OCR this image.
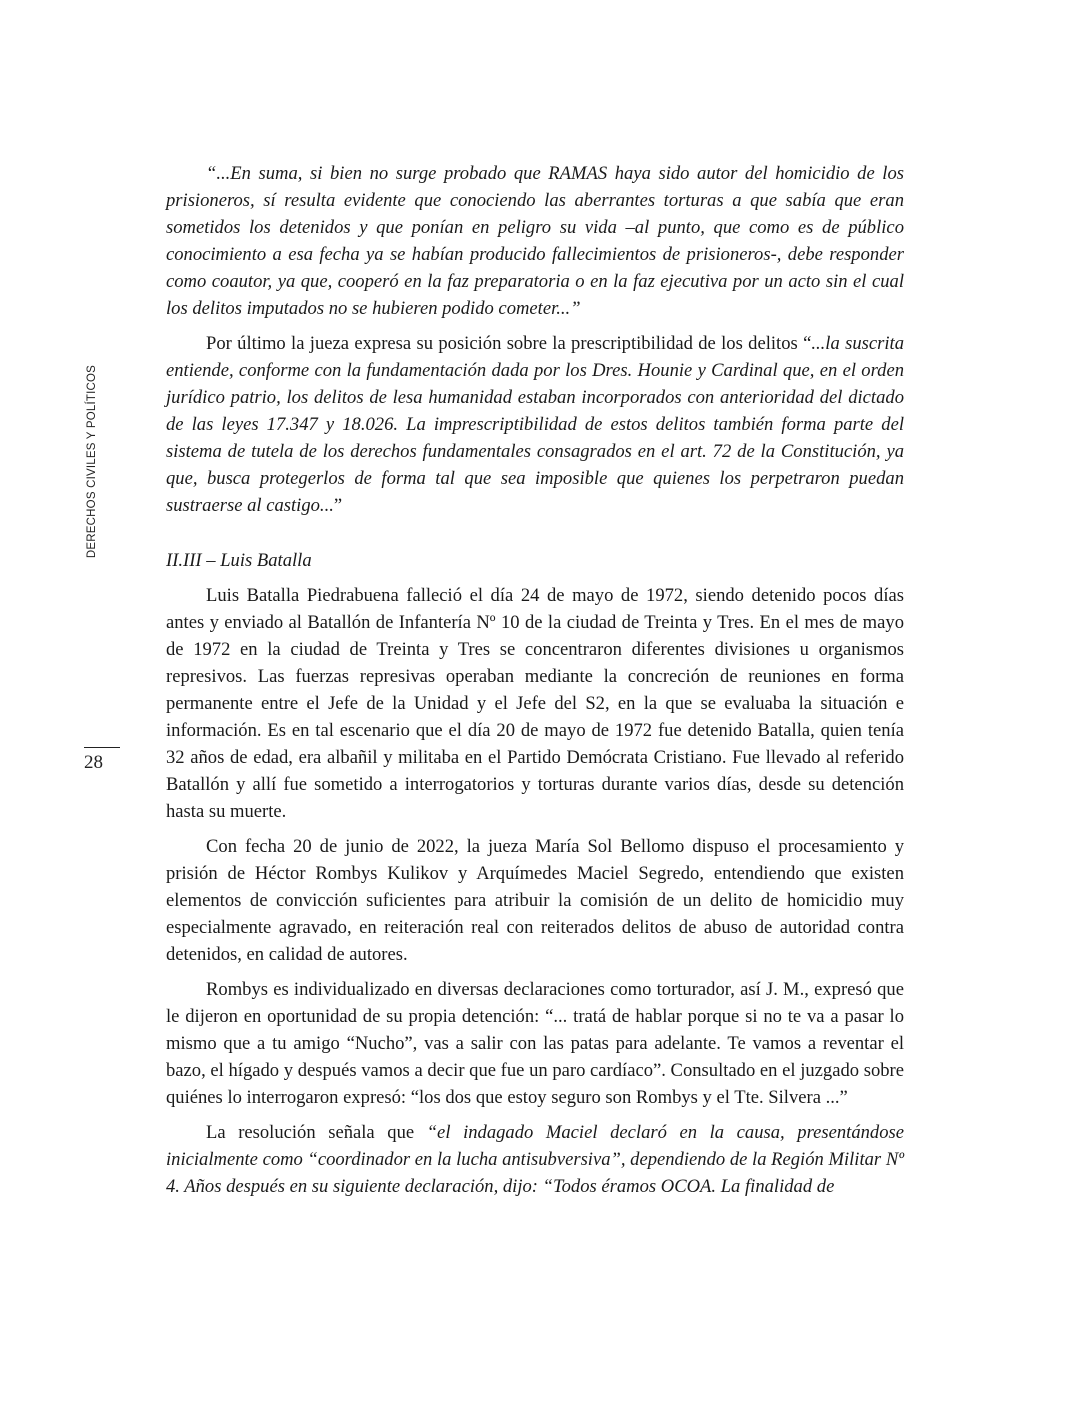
DERECHOS CIVILES Y POLÍTICOS
28

“...En suma, si bien no surge probado que RAMAS haya sido autor del homicidio de los prisioneros, sí resulta evidente que conociendo las aberrantes torturas a que sabía que eran sometidos los detenidos y que ponían en peligro su vida –al punto, que como es de público conocimiento a esa fecha ya se habían producido fallecimientos de prisioneros-, debe responder como coautor, ya que, cooperó en la faz preparatoria o en la faz ejecutiva por un acto sin el cual los delitos imputados no se hubieren podido cometer...”

Por último la jueza expresa su posición sobre la prescriptibilidad de los delitos “...la suscrita entiende, conforme con la fundamentación dada por los Dres. Hounie y Cardinal que, en el orden jurídico patrio, los delitos de lesa humanidad estaban incorporados con anterioridad del dictado de las leyes 17.347 y 18.026. La imprescriptibilidad de estos delitos también forma parte del sistema de tutela de los derechos fundamentales consagrados en el art. 72 de la Constitución, ya que, busca protegerlos de forma tal que sea imposible que quienes los perpetraron puedan sustraerse al castigo...”

II.III – Luis Batalla

Luis Batalla Piedrabuena falleció el día 24 de mayo de 1972, siendo detenido pocos días antes y enviado al Batallón de Infantería Nº 10 de la ciudad de Treinta y Tres. En el mes de mayo de 1972 en la ciudad de Treinta y Tres se concentraron diferentes divisiones u organismos represivos. Las fuerzas represivas operaban mediante la concreción de reuniones en forma permanente entre el Jefe de la Unidad y el Jefe del S2, en la que se evaluaba la situación e información. Es en tal escenario que el día 20 de mayo de 1972 fue detenido Batalla, quien tenía 32 años de edad, era albañil y militaba en el Partido Demócrata Cristiano. Fue llevado al referido Batallón y allí fue sometido a interrogatorios y torturas durante varios días, desde su detención hasta su muerte.

Con fecha 20 de junio de 2022, la jueza María Sol Bellomo dispuso el procesamiento y prisión de Héctor Rombys Kulikov y Arquímedes Maciel Segredo, entendiendo que existen elementos de convicción suficientes para atribuir la comisión de un delito de homicidio muy especialmente agravado, en reiteración real con reiterados delitos de abuso de autoridad contra detenidos, en calidad de autores.

Rombys es individualizado en diversas declaraciones como torturador, así J. M., expresó que le dijeron en oportunidad de su propia detención: “... tratá de hablar porque si no te va a pasar lo mismo que a tu amigo “Nucho”, vas a salir con las patas para adelante. Te vamos a reventar el bazo, el hígado y después vamos a decir que fue un paro cardíaco”. Consultado en el juzgado sobre quiénes lo interrogaron expresó: “los dos que estoy seguro son Rombys y el Tte. Silvera ...”

La resolución señala que “el indagado Maciel declaró en la causa, presentándose inicialmente como “coordinador en la lucha antisubversiva”, dependiendo de la Región Militar Nº 4. Años después en su siguiente declaración, dijo: “Todos éramos OCOA. La finalidad de
